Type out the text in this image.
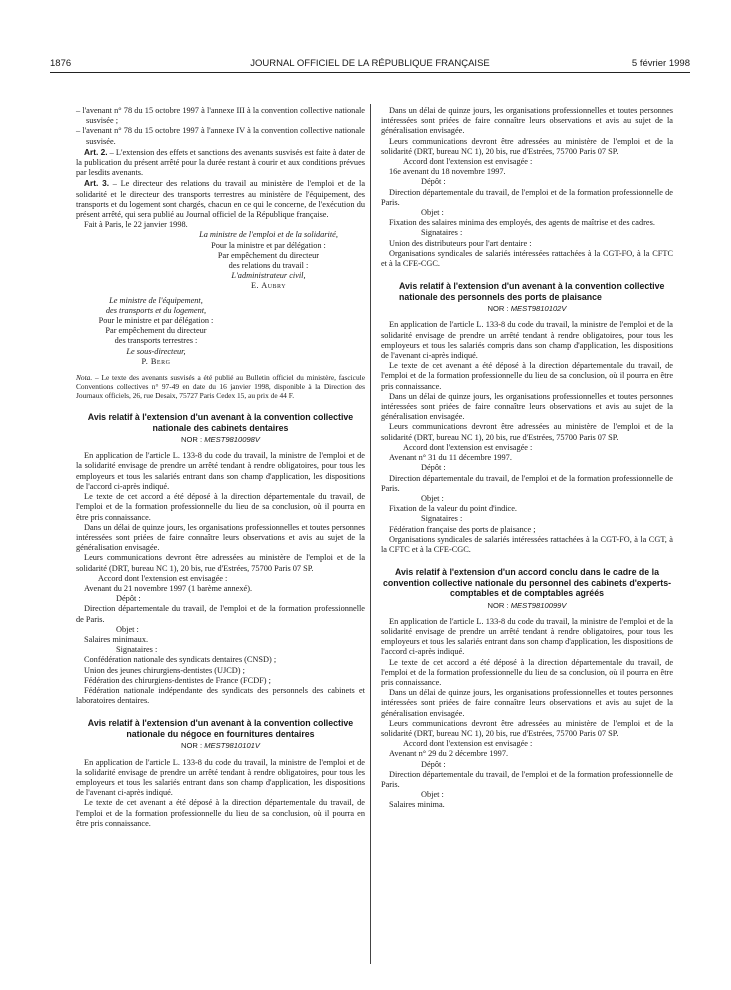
1876	JOURNAL OFFICIEL DE LA RÉPUBLIQUE FRANÇAISE	5 février 1998

– l'avenant n° 78 du 15 octobre 1997 à l'annexe III à la convention collective nationale susvisée ;

– l'avenant n° 78 du 15 octobre 1997 à l'annexe IV à la convention collective nationale susvisée.

Art. 2. – L'extension des effets et sanctions des avenants susvisés est faite à dater de la publication du présent arrêté pour la durée restant à courir et aux conditions prévues par lesdits avenants.

Art. 3. – Le directeur des relations du travail au ministère de l'emploi et de la solidarité et le directeur des transports terrestres au ministère de l'équipement, des transports et du logement sont chargés, chacun en ce qui le concerne, de l'exécution du présent arrêté, qui sera publié au Journal officiel de la République française.

Fait à Paris, le 22 janvier 1998.

La ministre de l'emploi et de la solidarité,

Pour la ministre et par délégation :

Par empêchement du directeur

des relations du travail :

L'administrateur civil,

E. Aubry

Le ministre de l'équipement,

des transports et du logement,

Pour le ministre et par délégation :

Par empêchement du directeur

des transports terrestres :

Le sous-directeur,

P. Berg

Nota. – Le texte des avenants susvisés a été publié au Bulletin officiel du ministère, fascicule Conventions collectives n° 97-49 en date du 16 janvier 1998, disponible à la Direction des Journaux officiels, 26, rue Desaix, 75727 Paris Cedex 15, au prix de 44 F.

Avis relatif à l'extension d'un avenant à la convention collective nationale des cabinets dentaires

NOR : MEST9810098V

En application de l'article L. 133-8 du code du travail, la ministre de l'emploi et de la solidarité envisage de prendre un arrêté tendant à rendre obligatoires, pour tous les employeurs et tous les salariés entrant dans son champ d'application, les dispositions de l'accord ci-après indiqué.

Le texte de cet accord a été déposé à la direction départementale du travail, de l'emploi et de la formation professionnelle du lieu de sa conclusion, où il pourra en être pris connaissance.

Dans un délai de quinze jours, les organisations professionnelles et toutes personnes intéressées sont priées de faire connaître leurs observations et avis au sujet de la généralisation envisagée.

Leurs communications devront être adressées au ministère de l'emploi et de la solidarité (DRT, bureau NC 1), 20 bis, rue d'Estrées, 75700 Paris 07 SP.

Accord dont l'extension est envisagée :

Avenant du 21 novembre 1997 (1 barème annexé).

Dépôt :

Direction départementale du travail, de l'emploi et de la formation professionnelle de Paris.

Objet :

Salaires minimaux.

Signataires :

Confédération nationale des syndicats dentaires (CNSD) ;

Union des jeunes chirurgiens-dentistes (UJCD) ;

Fédération des chirurgiens-dentistes de France (FCDF) ;

Fédération nationale indépendante des syndicats des personnels des cabinets et laboratoires dentaires.

Avis relatif à l'extension d'un avenant à la convention collective nationale du négoce en fournitures dentaires

NOR : MEST9810101V

En application de l'article L. 133-8 du code du travail, la ministre de l'emploi et de la solidarité envisage de prendre un arrêté tendant à rendre obligatoires, pour tous les employeurs et tous les salariés entrant dans son champ d'application, les dispositions de l'avenant ci-après indiqué.

Le texte de cet avenant a été déposé à la direction départementale du travail, de l'emploi et de la formation professionnelle du lieu de sa conclusion, où il pourra en être pris connaissance.

Dans un délai de quinze jours, les organisations professionnelles et toutes personnes intéressées sont priées de faire connaître leurs observations et avis au sujet de la généralisation envisagée.

Leurs communications devront être adressées au ministère de l'emploi et de la solidarité (DRT, bureau NC 1), 20 bis, rue d'Estrées, 75700 Paris 07 SP.

Accord dont l'extension est envisagée :

16e avenant du 18 novembre 1997.

Dépôt :

Direction départementale du travail, de l'emploi et de la formation professionnelle de Paris.

Objet :

Fixation des salaires minima des employés, des agents de maîtrise et des cadres.

Signataires :

Union des distributeurs pour l'art dentaire :

Organisations syndicales de salariés intéressées rattachées à la CGT-FO, à la CFTC et à la CFE-CGC.

Avis relatif à l'extension d'un avenant à la convention collective nationale des personnels des ports de plaisance

NOR : MEST9810102V

En application de l'article L. 133-8 du code du travail, la ministre de l'emploi et de la solidarité envisage de prendre un arrêté tendant à rendre obligatoires, pour tous les employeurs et tous les salariés compris dans son champ d'application, les dispositions de l'avenant ci-après indiqué.

Le texte de cet avenant a été déposé à la direction départementale du travail, de l'emploi et de la formation professionnelle du lieu de sa conclusion, où il pourra en être pris connaissance.

Dans un délai de quinze jours, les organisations professionnelles et toutes personnes intéressées sont priées de faire connaître leurs observations et avis au sujet de la généralisation envisagée.

Leurs communications devront être adressées au ministère de l'emploi et de la solidarité (DRT, bureau NC 1), 20 bis, rue d'Estrées, 75700 Paris 07 SP.

Accord dont l'extension est envisagée :

Avenant n° 31 du 11 décembre 1997.

Dépôt :

Direction départementale du travail, de l'emploi et de la formation professionnelle de Paris.

Objet :

Fixation de la valeur du point d'indice.

Signataires :

Fédération française des ports de plaisance ;

Organisations syndicales de salariés intéressées rattachées à la CGT-FO, à la CGT, à la CFTC et à la CFE-CGC.

Avis relatif à l'extension d'un accord conclu dans le cadre de la convention collective nationale du personnel des cabinets d'experts-comptables et de comptables agréés

NOR : MEST9810099V

En application de l'article L. 133-8 du code du travail, la ministre de l'emploi et de la solidarité envisage de prendre un arrêté tendant à rendre obligatoires, pour tous les employeurs et tous les salariés entrant dans son champ d'application, les dispositions de l'accord ci-après indiqué.

Le texte de cet accord a été déposé à la direction départementale du travail, de l'emploi et de la formation professionnelle du lieu de sa conclusion, où il pourra en être pris connaissance.

Dans un délai de quinze jours, les organisations professionnelles et toutes personnes intéressées sont priées de faire connaître leurs observations et avis au sujet de la généralisation envisagée.

Leurs communications devront être adressées au ministère de l'emploi et de la solidarité (DRT, bureau NC 1), 20 bis, rue d'Estrées, 75700 Paris 07 SP.

Accord dont l'extension est envisagée :

Avenant n° 29 du 2 décembre 1997.

Dépôt :

Direction départementale du travail, de l'emploi et de la formation professionnelle de Paris.

Objet :

Salaires minima.
